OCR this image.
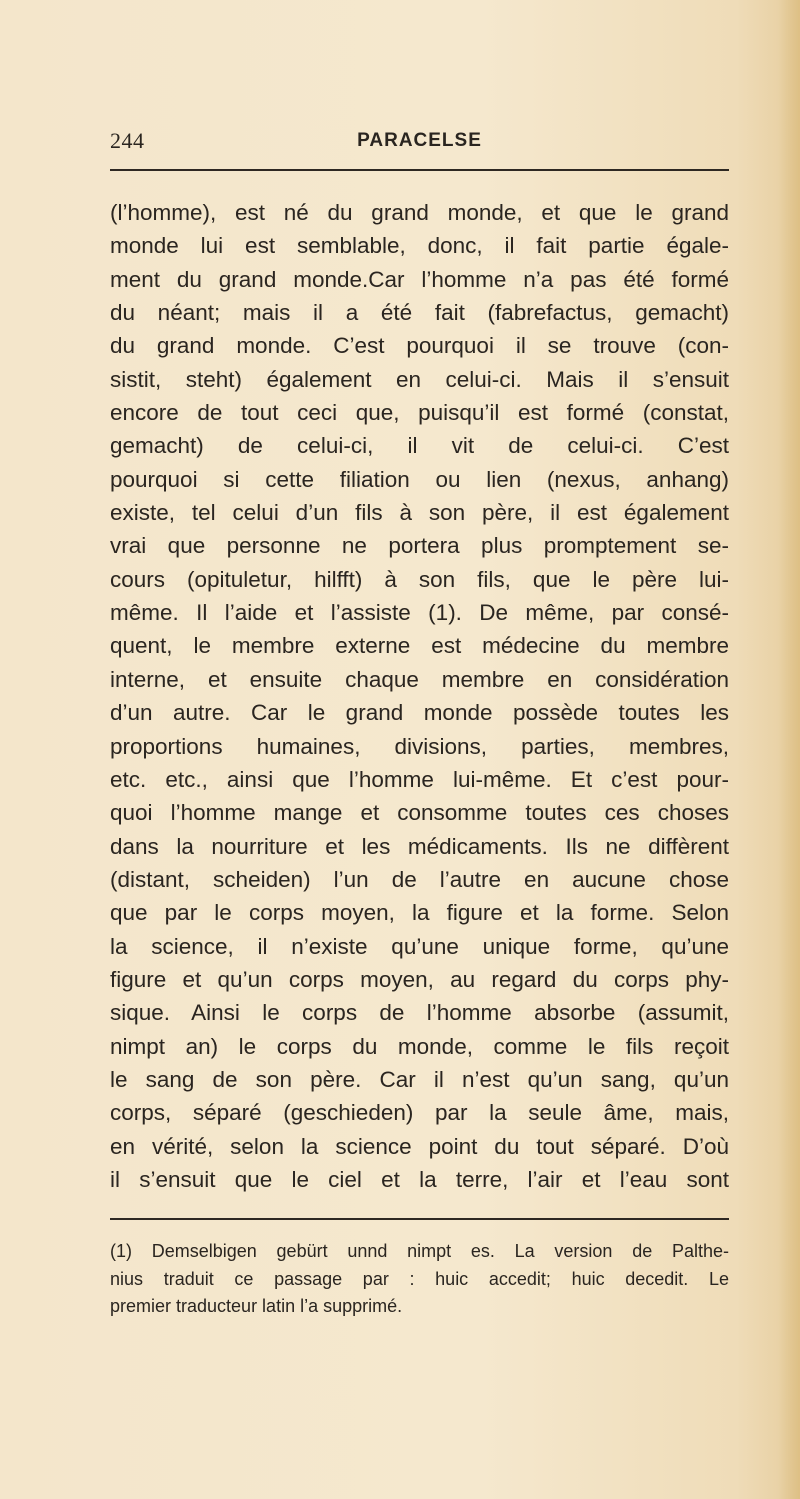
244	PARACELSE
(l’homme), est né du grand monde, et que le grand
monde lui est semblable, donc, il fait partie égale-
ment du grand monde.Car l’homme n’a pas été formé
du néant; mais il a été fait (fabrefactus, gemacht)
du grand monde. C’est pourquoi il se trouve (con-
sistit, steht) également en celui-ci. Mais il s’ensuit
encore de tout ceci que, puisqu’il est formé (constat,
gemacht) de celui-ci, il vit de celui-ci. C’est
pourquoi si cette filiation ou lien (nexus, anhang)
existe, tel celui d’un fils à son père, il est également
vrai que personne ne portera plus promptement se-
cours (opituletur, hilfft) à son fils, que le père lui-
même. Il l’aide et l’assiste (1). De même, par consé-
quent, le membre externe est médecine du membre
interne, et ensuite chaque membre en considération
d’un autre. Car le grand monde possède toutes les
proportions humaines, divisions, parties, membres,
etc. etc., ainsi que l’homme lui-même. Et c’est pour-
quoi l’homme mange et consomme toutes ces choses
dans la nourriture et les médicaments. Ils ne diffèrent
(distant, scheiden) l’un de l’autre en aucune chose
que par le corps moyen, la figure et la forme. Selon
la science, il n’existe qu’une unique forme, qu’une
figure et qu’un corps moyen, au regard du corps phy-
sique. Ainsi le corps de l’homme absorbe (assumit,
nimpt an) le corps du monde, comme le fils reçoit
le sang de son père. Car il n’est qu’un sang, qu’un
corps, séparé (geschieden) par la seule âme, mais,
en vérité, selon la science point du tout séparé. D’où
il s’ensuit que le ciel et la terre, l’air et l’eau sont
(1) Demselbigen gebürt unnd nimpt es. La version de Palthe-
nius traduit ce passage par : huic accedit; huic decedit. Le
premier traducteur latin l’a supprimé.
